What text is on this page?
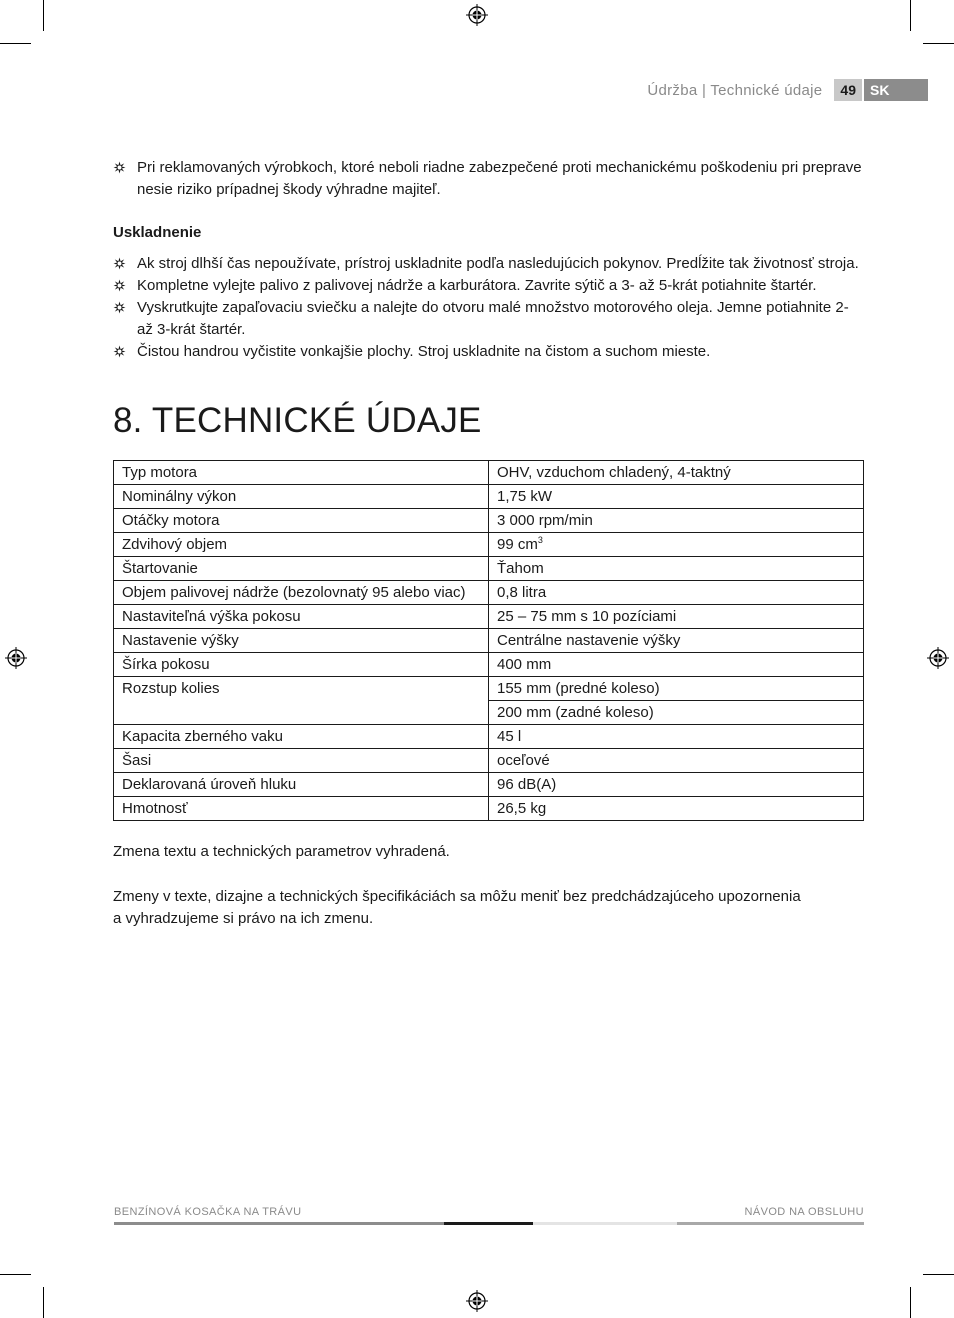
Údržba | Technické údaje	49	SK
Pri reklamovaných výrobkoch, ktoré neboli riadne zabezpečené proti mechanickému poškodeniu pri preprave nesie riziko prípadnej škody výhradne majiteľ.
Uskladnenie
Ak stroj dlhší čas nepoužívate, prístroj uskladnite podľa nasledujúcich pokynov. Predĺžite tak životnosť stroja.
Kompletne vylejte palivo z palivovej nádrže a karburátora. Zavrite sýtič a 3- až 5-krát potiahnite štartér.
Vyskrutkujte zapaľovaciu sviečku a nalejte do otvoru malé množstvo motorového oleja. Jemne potiahnite 2- až 3-krát štartér.
Čistou handrou vyčistite vonkajšie plochy. Stroj uskladnite na čistom a suchom mieste.
8. TECHNICKÉ ÚDAJE
Typ motora	OHV, vzduchom chladený, 4-taktný
Nominálny výkon	1,75 kW
Otáčky motora	3 000 rpm/min
Zdvihový objem	99 $cm^3$
Štartovanie	Ťahom
Objem palivovej nádrže (bezolovnatý 95 alebo viac)	0,8 litra
Nastaviteľná výška pokosu	25 – 75 mm s 10 pozíciami
Nastavenie výšky	Centrálne nastavenie výšky
Šírka pokosu	400 mm
Rozstup kolies	155 mm (predné koleso)
	200 mm (zadné koleso)
Kapacita zberného vaku	45 l
Šasi	oceľové
Deklarovaná úroveň hluku	96 dB(A)
Hmotnosť	26,5 kg

Zmena textu a technických parametrov vyhradená.

Zmeny v texte, dizajne a technických špecifikáciách sa môžu meniť bez predchádzajúceho upozornenia

a vyhradzujeme si právo na ich zmenu.

BENZÍNOVÁ KOSAČKA NA TRÁVU	NÁVOD NA OBSLUHU
